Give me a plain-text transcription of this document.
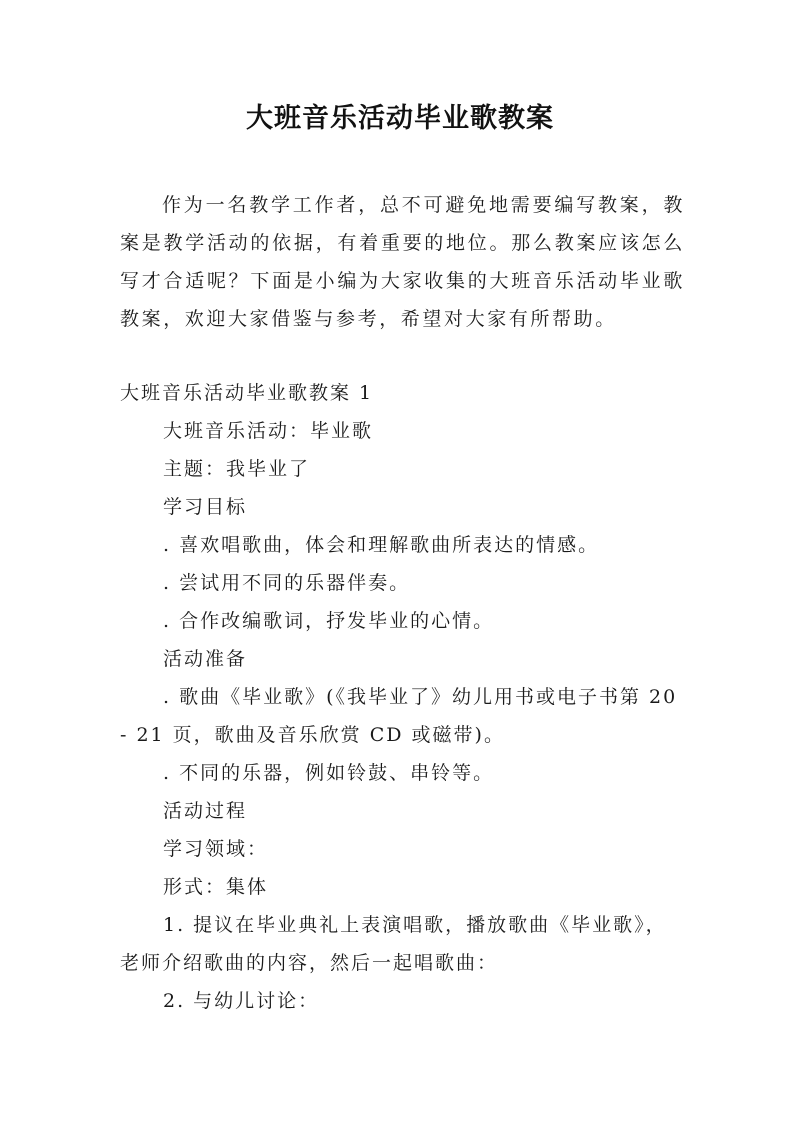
大班音乐活动毕业歌教案
作为一名教学工作者，总不可避免地需要编写教案，教案是教学活动的依据，有着重要的地位。那么教案应该怎么写才合适呢？下面是小编为大家收集的大班音乐活动毕业歌教案，欢迎大家借鉴与参考，希望对大家有所帮助。
大班音乐活动毕业歌教案 1
大班音乐活动：毕业歌
主题：我毕业了
学习目标
. 喜欢唱歌曲，体会和理解歌曲所表达的情感。
. 尝试用不同的乐器伴奏。
. 合作改编歌词，抒发毕业的心情。
活动准备
. 歌曲《毕业歌》(《我毕业了》幼儿用书或电子书第 20
- 21 页，歌曲及音乐欣赏 CD 或磁带)。
. 不同的乐器，例如铃鼓、串铃等。
活动过程
学习领域：
形式：集体
1. 提议在毕业典礼上表演唱歌，播放歌曲《毕业歌》，
老师介绍歌曲的内容，然后一起唱歌曲：
2. 与幼儿讨论：
